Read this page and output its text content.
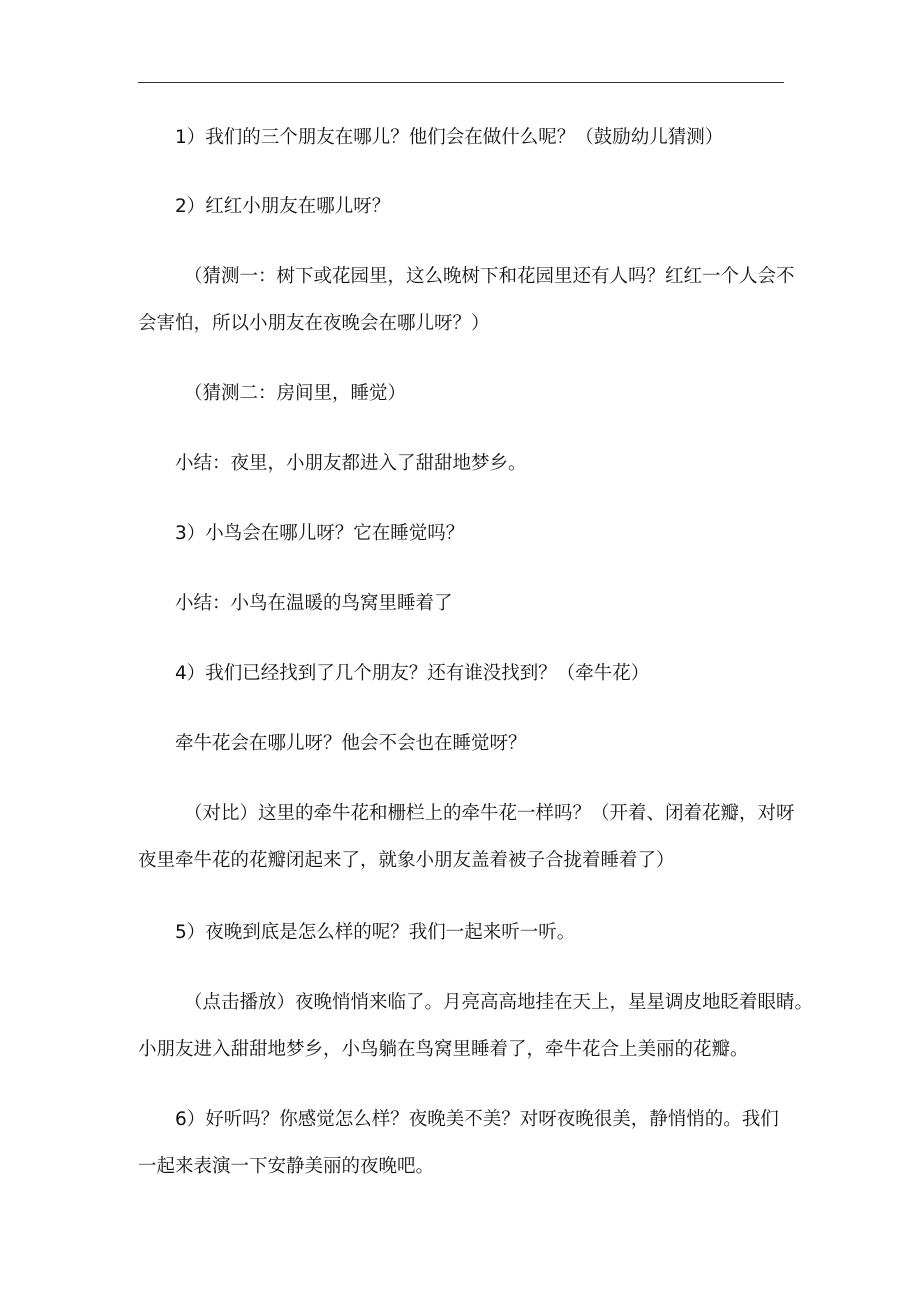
1）我们的三个朋友在哪儿？他们会在做什么呢？（鼓励幼儿猜测）
2）红红小朋友在哪儿呀？
（猜测一：树下或花园里，这么晚树下和花园里还有人吗？红红一个人会不
会害怕，所以小朋友在夜晚会在哪儿呀？）
（猜测二：房间里，睡觉）
小结：夜里，小朋友都进入了甜甜地梦乡。
3）小鸟会在哪儿呀？它在睡觉吗？
小结：小鸟在温暖的鸟窝里睡着了
4）我们已经找到了几个朋友？还有谁没找到？（牵牛花）
牵牛花会在哪儿呀？他会不会也在睡觉呀？
（对比）这里的牵牛花和栅栏上的牵牛花一样吗？（开着、闭着花瓣，对呀
夜里牵牛花的花瓣闭起来了，就象小朋友盖着被子合拢着睡着了）
5）夜晚到底是怎么样的呢？我们一起来听一听。
（点击播放）夜晚悄悄来临了。月亮高高地挂在天上，星星调皮地眨着眼睛。
小朋友进入甜甜地梦乡，小鸟躺在鸟窝里睡着了，牵牛花合上美丽的花瓣。
6）好听吗？你感觉怎么样？夜晚美不美？对呀夜晚很美，静悄悄的。我们
一起来表演一下安静美丽的夜晚吧。
